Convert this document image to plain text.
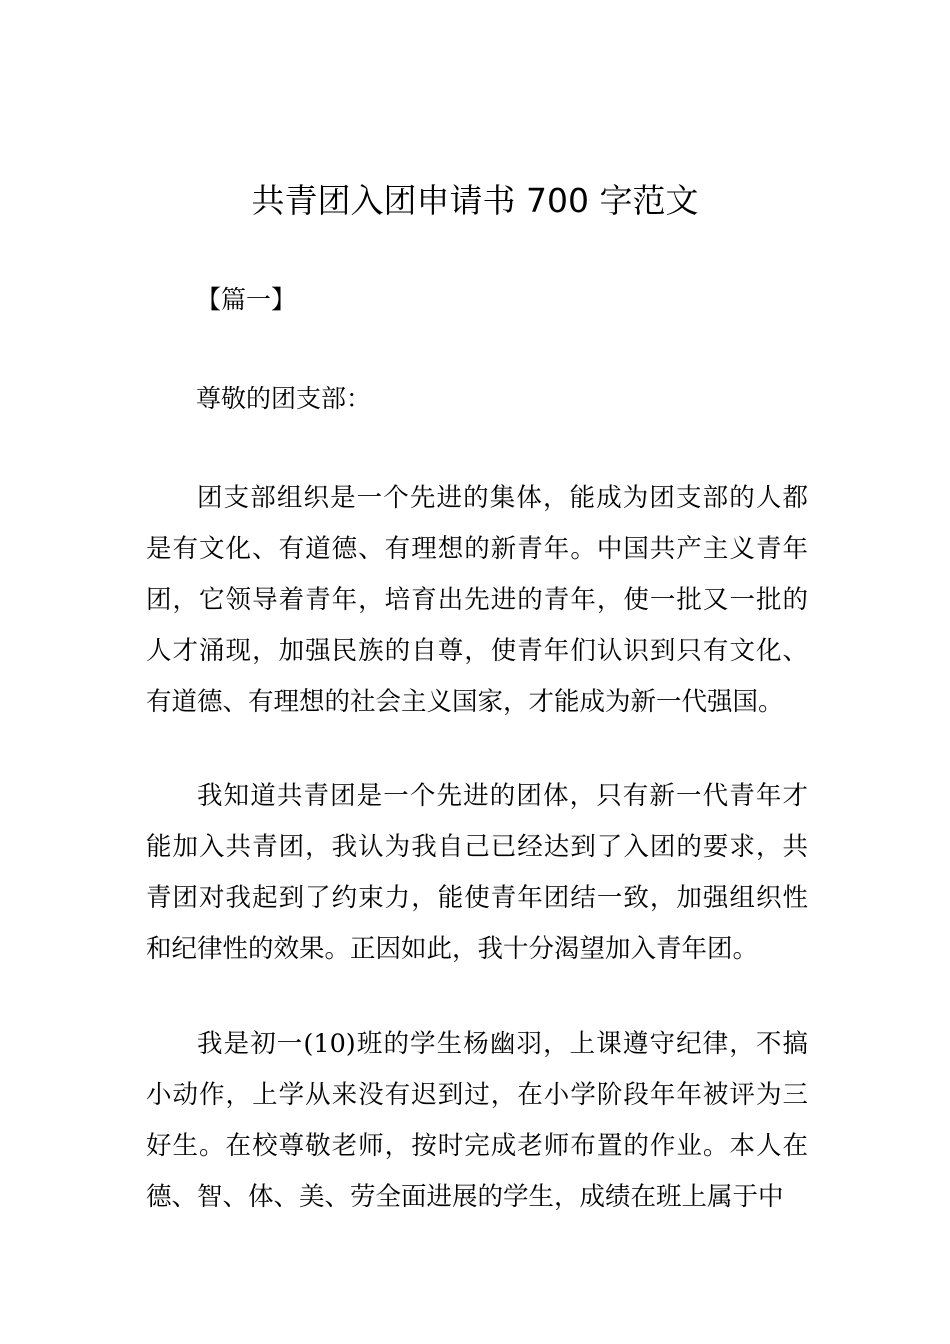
共青团入团申请书 700 字范文
【篇一】
尊敬的团支部：

团支部组织是一个先进的集体，能成为团支部的人都是有文化、有道德、有理想的新青年。中国共产主义青年团，它领导着青年，培育出先进的青年，使一批又一批的人才涌现，加强民族的自尊，使青年们认识到只有文化、有道德、有理想的社会主义国家，才能成为新一代强国。

我知道共青团是一个先进的团体，只有新一代青年才能加入共青团，我认为我自己已经达到了入团的要求，共青团对我起到了约束力，能使青年团结一致，加强组织性和纪律性的效果。正因如此，我十分渴望加入青年团。

我是初一(10)班的学生杨幽羽，上课遵守纪律，不搞小动作，上学从来没有迟到过，在小学阶段年年被评为三好生。在校尊敬老师，按时完成老师布置的作业。本人在德、智、体、美、劳全面进展的学生，成绩在班上属于中
